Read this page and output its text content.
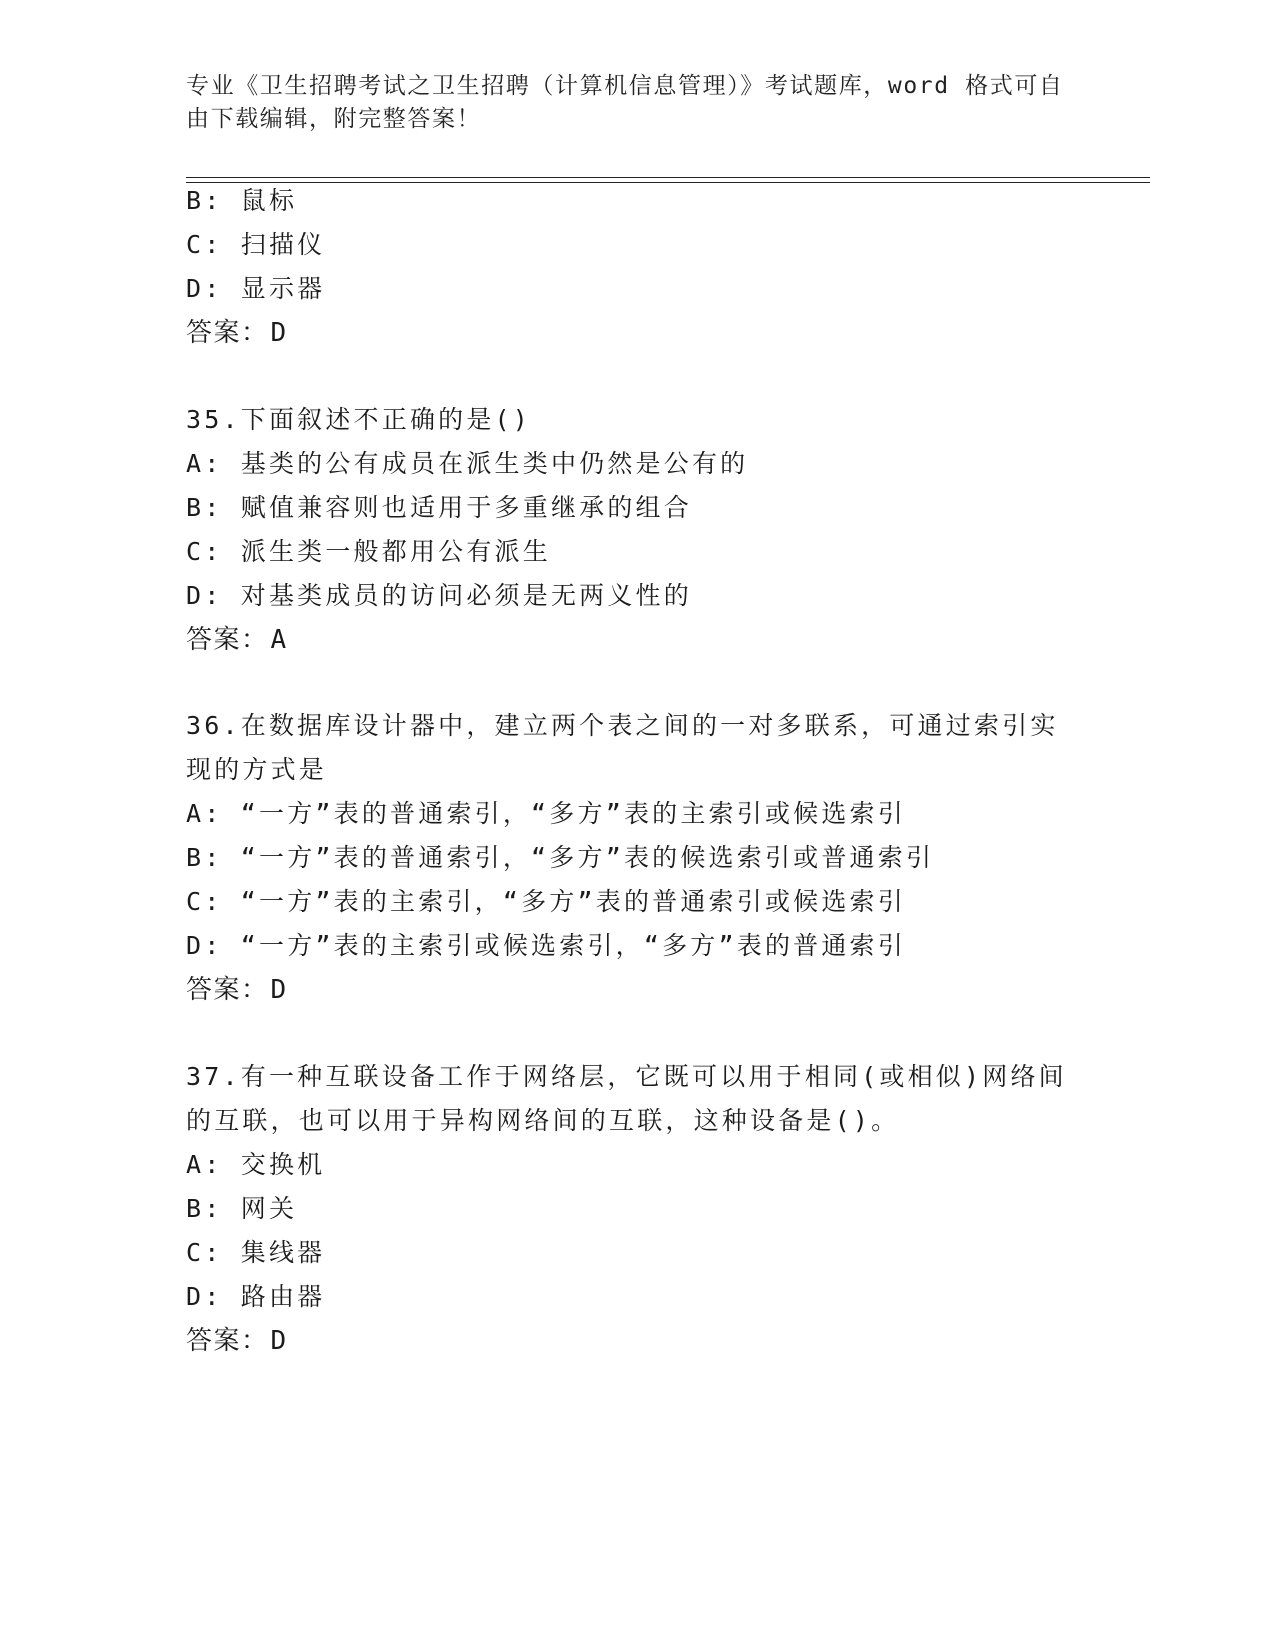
专业《卫生招聘考试之卫生招聘（计算机信息管理）》考试题库，word 格式可自
由下载编辑，附完整答案！
B: 鼠标
C: 扫描仪
D: 显示器
答案：D
35.下面叙述不正确的是()
A: 基类的公有成员在派生类中仍然是公有的
B: 赋值兼容则也适用于多重继承的组合
C: 派生类一般都用公有派生
D: 对基类成员的访问必须是无两义性的
答案：A
36.在数据库设计器中，建立两个表之间的一对多联系，可通过索引实
现的方式是
A: “一方”表的普通索引，“多方”表的主索引或候选索引
B: “一方”表的普通索引，“多方”表的候选索引或普通索引
C: “一方”表的主索引，“多方”表的普通索引或候选索引
D: “一方”表的主索引或候选索引，“多方”表的普通索引
答案：D
37.有一种互联设备工作于网络层，它既可以用于相同(或相似)网络间
的互联，也可以用于异构网络间的互联，这种设备是()。
A: 交换机
B: 网关
C: 集线器
D: 路由器
答案：D
